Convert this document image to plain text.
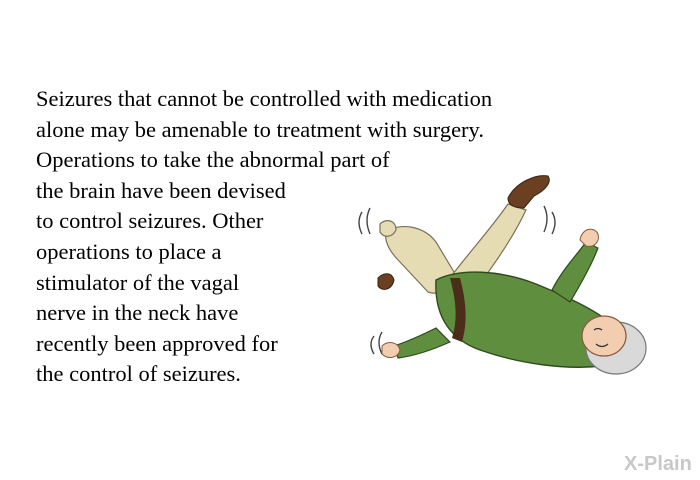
Seizures that cannot be controlled with medication
alone may be amenable to treatment with surgery.
Operations to take the abnormal part of
the brain have been devised
to control seizures. Other
operations to place a
stimulator of the vagal
nerve in the neck have
recently been approved for
the control of seizures.

X-Plain
